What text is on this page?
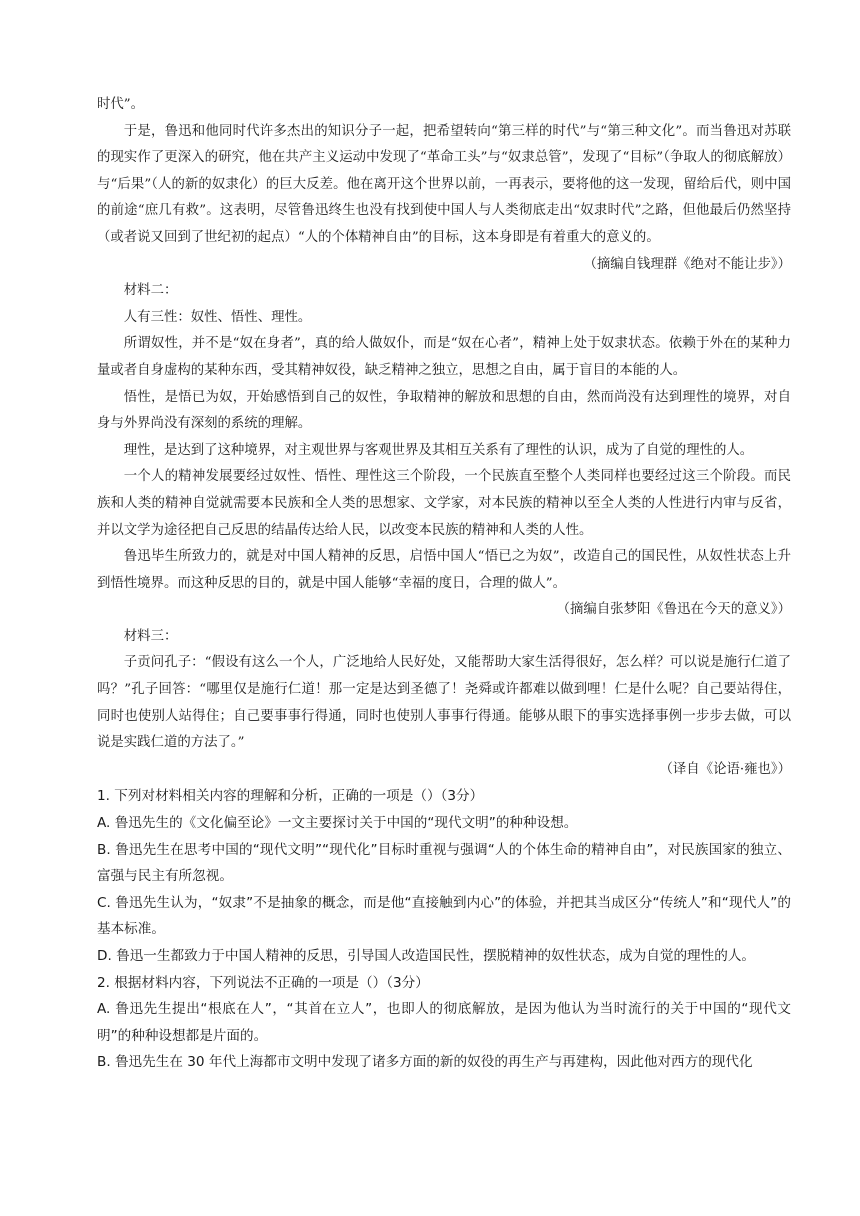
时代”。

于是，鲁迅和他同时代许多杰出的知识分子一起，把希望转向“第三样的时代”与“第三种文化”。而当鲁迅对苏联的现实作了更深入的研究，他在共产主义运动中发现了“革命工头”与“奴隶总管”，发现了“目标”（争取人的彻底解放）与“后果”（人的新的奴隶化）的巨大反差。他在离开这个世界以前，一再表示，要将他的这一发现，留给后代，则中国的前途“庶几有救”。这表明，尽管鲁迅终生也没有找到使中国人与人类彻底走出“奴隶时代”之路，但他最后仍然坚持（或者说又回到了世纪初的起点）“人的个体精神自由”的目标，这本身即是有着重大的意义的。

（摘编自钱理群《绝对不能让步》）

材料二：

人有三性：奴性、悟性、理性。

所谓奴性，并不是“奴在身者”，真的给人做奴仆，而是“奴在心者”，精神上处于奴隶状态。依赖于外在的某种力量或者自身虚构的某种东西，受其精神奴役，缺乏精神之独立，思想之自由，属于盲目的本能的人。

悟性，是悟已为奴，开始感悟到自己的奴性，争取精神的解放和思想的自由，然而尚没有达到理性的境界，对自身与外界尚没有深刻的系统的理解。

理性，是达到了这种境界，对主观世界与客观世界及其相互关系有了理性的认识，成为了自觉的理性的人。

一个人的精神发展要经过奴性、悟性、理性这三个阶段，一个民族直至整个人类同样也要经过这三个阶段。而民族和人类的精神自觉就需要本民族和全人类的思想家、文学家，对本民族的精神以至全人类的人性进行内审与反省，并以文学为途径把自己反思的结晶传达给人民，以改变本民族的精神和人类的人性。

鲁迅毕生所致力的，就是对中国人精神的反思，启悟中国人“悟已之为奴”，改造自己的国民性，从奴性状态上升到悟性境界。而这种反思的目的，就是中国人能够“幸福的度日，合理的做人”。

（摘编自张梦阳《鲁迅在今天的意义》）

材料三：

子贡问孔子：“假设有这么一个人，广泛地给人民好处，又能帮助大家生活得很好，怎么样？可以说是施行仁道了吗？”孔子回答：“哪里仅是施行仁道！那一定是达到圣德了！尧舜或许都难以做到哩！仁是什么呢？自己要站得住，同时也使别人站得住；自己要事事行得通，同时也使别人事事行得通。能够从眼下的事实选择事例一步步去做，可以说是实践仁道的方法了。”

（译自《论语·雍也》）

1. 下列对材料相关内容的理解和分析，正确的一项是（）（3分）

A. 鲁迅先生的《文化偏至论》一文主要探讨关于中国的“现代文明”的种种设想。

B. 鲁迅先生在思考中国的“现代文明”“现代化”目标时重视与强调“人的个体生命的精神自由”，对民族国家的独立、富强与民主有所忽视。

C. 鲁迅先生认为，“奴隶”不是抽象的概念，而是他“直接触到内心”的体验，并把其当成区分“传统人”和“现代人”的基本标准。

D. 鲁迅一生都致力于中国人精神的反思，引导国人改造国民性，摆脱精神的奴性状态，成为自觉的理性的人。

2. 根据材料内容，下列说法不正确的一项是（）（3分）

A. 鲁迅先生提出“根底在人”，“其首在立人”，也即人的彻底解放，是因为他认为当时流行的关于中国的“现代文明”的种种设想都是片面的。

B. 鲁迅先生在 30 年代上海都市文明中发现了诸多方面的新的奴役的再生产与再建构，因此他对西方的现代化
